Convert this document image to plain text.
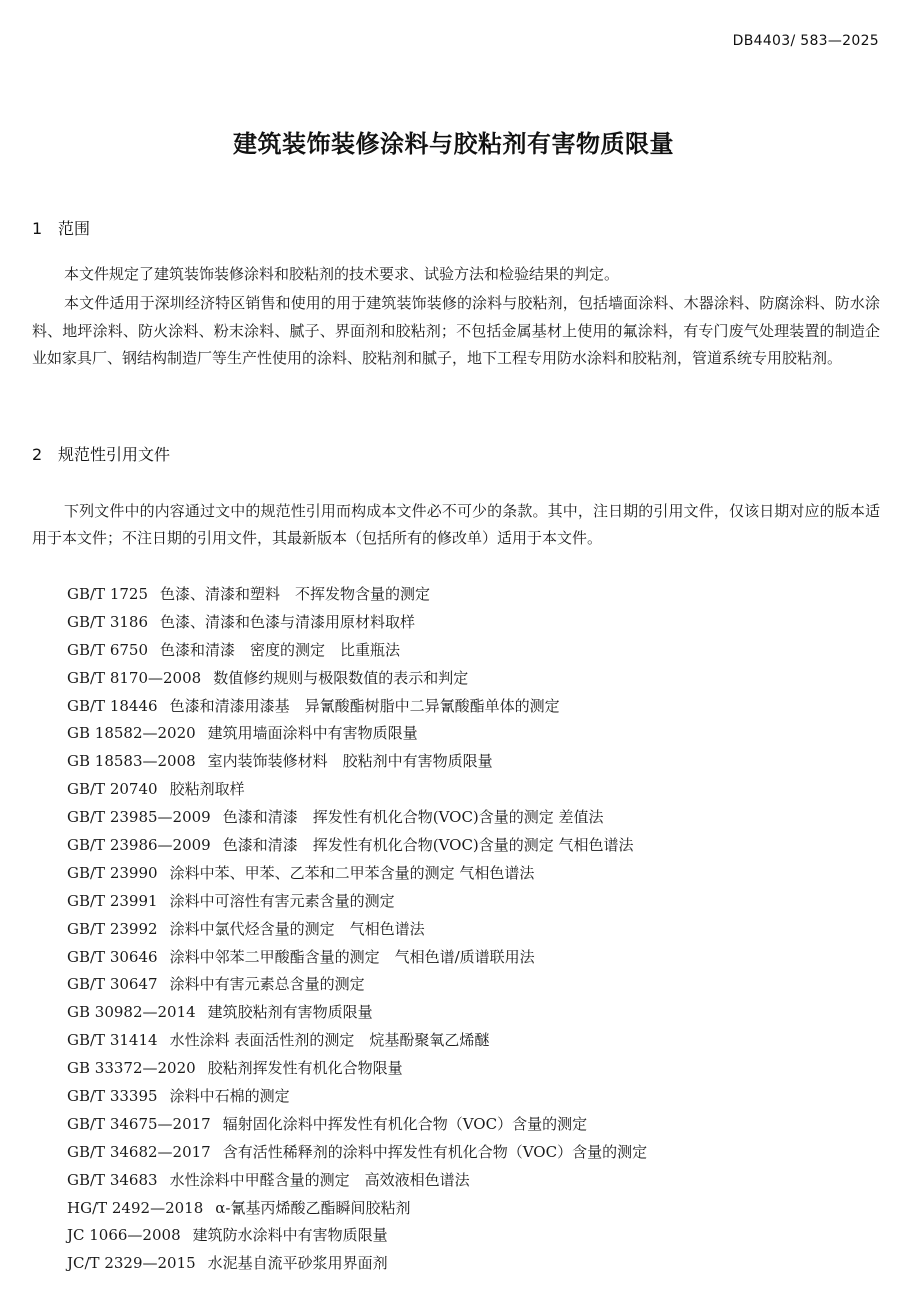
DB4403/ 583—2025
建筑装饰装修涂料与胶粘剂有害物质限量
1 范围

本文件规定了建筑装饰装修涂料和胶粘剂的技术要求、试验方法和检验结果的判定。

本文件适用于深圳经济特区销售和使用的用于建筑装饰装修的涂料与胶粘剂，包括墙面涂料、木器涂料、防腐涂料、防水涂料、地坪涂料、防火涂料、粉末涂料、腻子、界面剂和胶粘剂；不包括金属基材上使用的氟涂料，有专门废气处理装置的制造企业如家具厂、钢结构制造厂等生产性使用的涂料、胶粘剂和腻子，地下工程专用防水涂料和胶粘剂，管道系统专用胶粘剂。

2 规范性引用文件

下列文件中的内容通过文中的规范性引用而构成本文件必不可少的条款。其中，注日期的引用文件，仅该日期对应的版本适用于本文件；不注日期的引用文件，其最新版本（包括所有的修改单）适用于本文件。

GB/T 1725 色漆、清漆和塑料　不挥发物含量的测定
GB/T 3186 色漆、清漆和色漆与清漆用原材料取样
GB/T 6750 色漆和清漆　密度的测定　比重瓶法
GB/T 8170—2008 数值修约规则与极限数值的表示和判定
GB/T 18446 色漆和清漆用漆基　异氰酸酯树脂中二异氰酸酯单体的测定
GB 18582—2020 建筑用墙面涂料中有害物质限量
GB 18583—2008 室内装饰装修材料　胶粘剂中有害物质限量
GB/T 20740 胶粘剂取样
GB/T 23985—2009 色漆和清漆　挥发性有机化合物(VOC)含量的测定 差值法
GB/T 23986—2009 色漆和清漆　挥发性有机化合物(VOC)含量的测定 气相色谱法
GB/T 23990 涂料中苯、甲苯、乙苯和二甲苯含量的测定 气相色谱法
GB/T 23991 涂料中可溶性有害元素含量的测定
GB/T 23992 涂料中氯代烃含量的测定　气相色谱法
GB/T 30646 涂料中邻苯二甲酸酯含量的测定　气相色谱/质谱联用法
GB/T 30647 涂料中有害元素总含量的测定
GB 30982—2014 建筑胶粘剂有害物质限量
GB/T 31414 水性涂料 表面活性剂的测定　烷基酚聚氧乙烯醚
GB 33372—2020 胶粘剂挥发性有机化合物限量
GB/T 33395 涂料中石棉的测定
GB/T 34675—2017 辐射固化涂料中挥发性有机化合物（VOC）含量的测定
GB/T 34682—2017 含有活性稀释剂的涂料中挥发性有机化合物（VOC）含量的测定
GB/T 34683 水性涂料中甲醛含量的测定　高效液相色谱法
HG/T 2492—2018 α-氰基丙烯酸乙酯瞬间胶粘剂
JC 1066—2008 建筑防水涂料中有害物质限量
JC/T 2329—2015 水泥基自流平砂浆用界面剂
